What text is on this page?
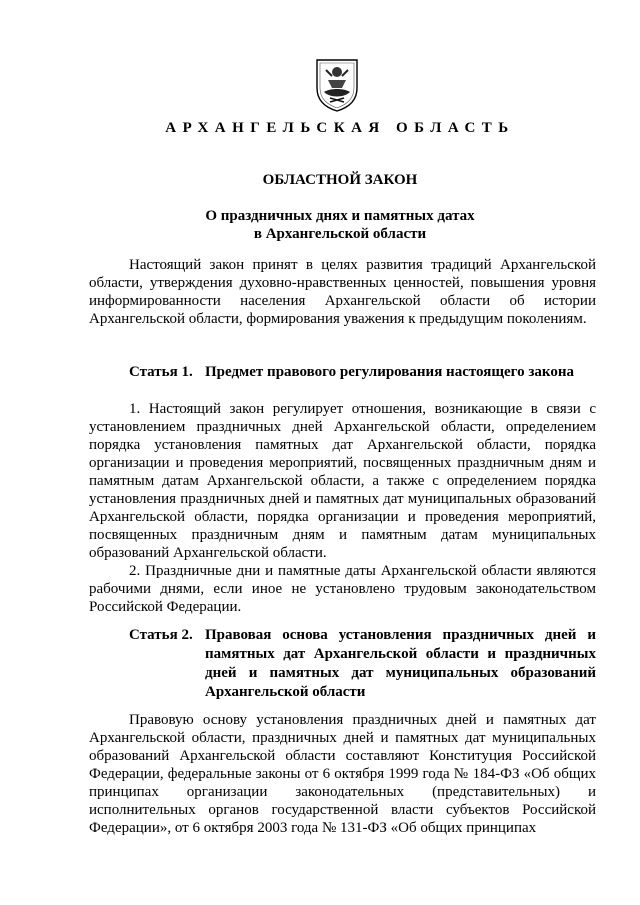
АРХАНГЕЛЬСКАЯ ОБЛАСТЬ
ОБЛАСТНОЙ ЗАКОН
О праздничных днях и памятных датах
в Архангельской области

Настоящий закон принят в целях развития традиций Архангельской области, утверждения духовно-нравственных ценностей, повышения уровня информированности населения Архангельской области об истории Архангельской области, формирования уважения к предыдущим поколениям.

Статья 1. Предмет правового регулирования настоящего закона

1. Настоящий закон регулирует отношения, возникающие в связи с установлением праздничных дней Архангельской области, определением порядка установления памятных дат Архангельской области, порядка организации и проведения мероприятий, посвященных праздничным дням и памятным датам Архангельской области, а также с определением порядка установления праздничных дней и памятных дат муниципальных образований Архангельской области, порядка организации и проведения мероприятий, посвященных праздничным дням и памятным датам муниципальных образований Архангельской области.

2. Праздничные дни и памятные даты Архангельской области являются рабочими днями, если иное не установлено трудовым законодательством Российской Федерации.

Статья 2. Правовая основа установления праздничных дней и памятных дат Архангельской области и праздничных дней и памятных дат муниципальных образований Архангельской области

Правовую основу установления праздничных дней и памятных дат Архангельской области, праздничных дней и памятных дат муниципальных образований Архангельской области составляют Конституция Российской Федерации, федеральные законы от 6 октября 1999 года № 184-ФЗ «Об общих принципах организации законодательных (представительных) и исполнительных органов государственной власти субъектов Российской Федерации», от 6 октября 2003 года № 131-ФЗ «Об общих принципах
